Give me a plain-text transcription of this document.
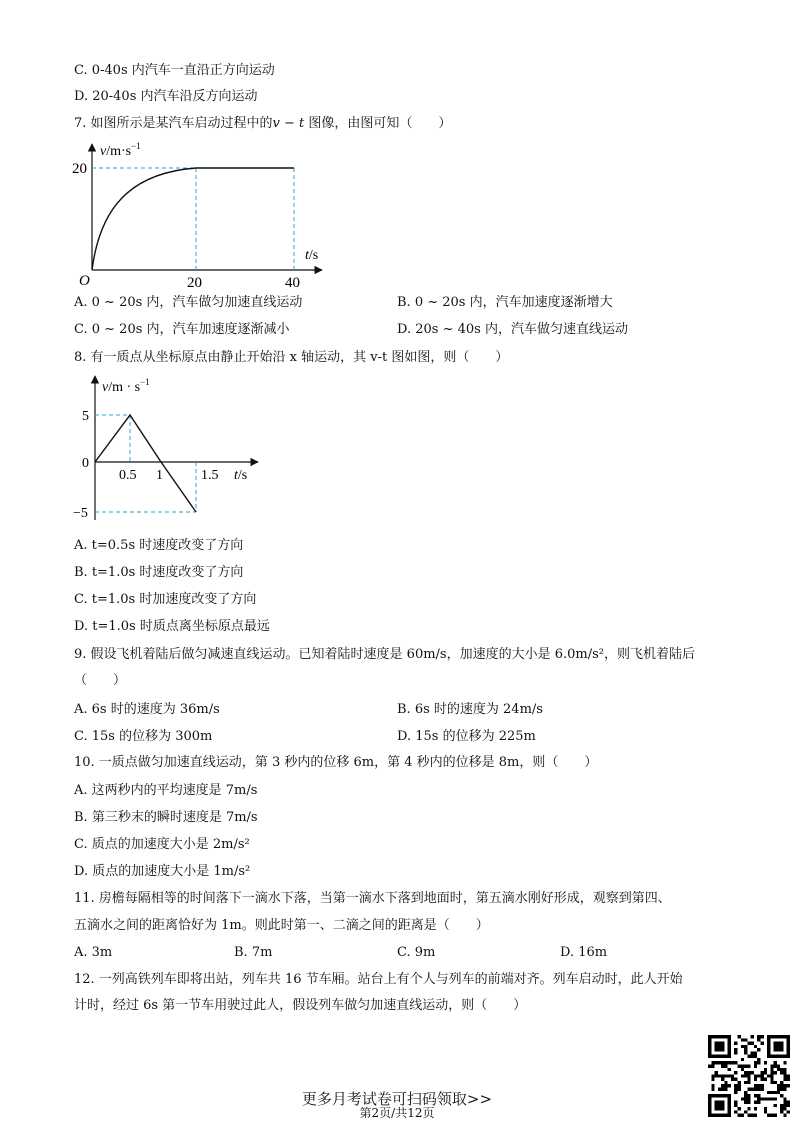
C. 0-40s 内汽车一直沿正方向运动
D. 20-40s 内汽车沿反方向运动
7. 如图所示是某汽车启动过程中的v − t 图像，由图可知（　　）
$v/m\cdot s^{-1}$
20
O	20	40
t/s
A. 0 ~ 20s 内，汽车做匀加速直线运动	B. 0 ~ 20s 内，汽车加速度逐渐增大
C. 0 ~ 20s 内，汽车加速度逐渐减小	D. 20s ~ 40s 内，汽车做匀速直线运动
8. 有一质点从坐标原点由静止开始沿 x 轴运动，其 v-t 图如图，则（　　）
$v/m \cdot s^{-1}$
5
0
−5
0.5 1	1.5 t/s
A. t=0.5s 时速度改变了方向
B. t=1.0s 时速度改变了方向
C. t=1.0s 时加速度改变了方向
D. t=1.0s 时质点离坐标原点最远
9. 假设飞机着陆后做匀减速直线运动。已知着陆时速度是 60m/s，加速度的大小是 6.0m/s²，则飞机着陆后
（　　）
A. 6s 时的速度为 36m/s	B. 6s 时的速度为 24m/s
C. 15s 的位移为 300m	D. 15s 的位移为 225m
10. 一质点做匀加速直线运动，第 3 秒内的位移 6m，第 4 秒内的位移是 8m，则（　　）
A. 这两秒内的平均速度是 7m/s
B. 第三秒末的瞬时速度是 7m/s
C. 质点的加速度大小是 2m/s²
D. 质点的加速度大小是 1m/s²
11. 房檐每隔相等的时间落下一滴水下落，当第一滴水下落到地面时，第五滴水刚好形成，观察到第四、
五滴水之间的距离恰好为 1m。则此时第一、二滴之间的距离是（　　）
A. 3m	B. 7m	C. 9m	D. 16m
12. 一列高铁列车即将出站，列车共 16 节车厢。站台上有个人与列车的前端对齐。列车启动时，此人开始
计时，经过 6s 第一节车用驶过此人，假设列车做匀加速直线运动，则（　　）
更多月考试卷可扫码领取>>
第2页/共12页
